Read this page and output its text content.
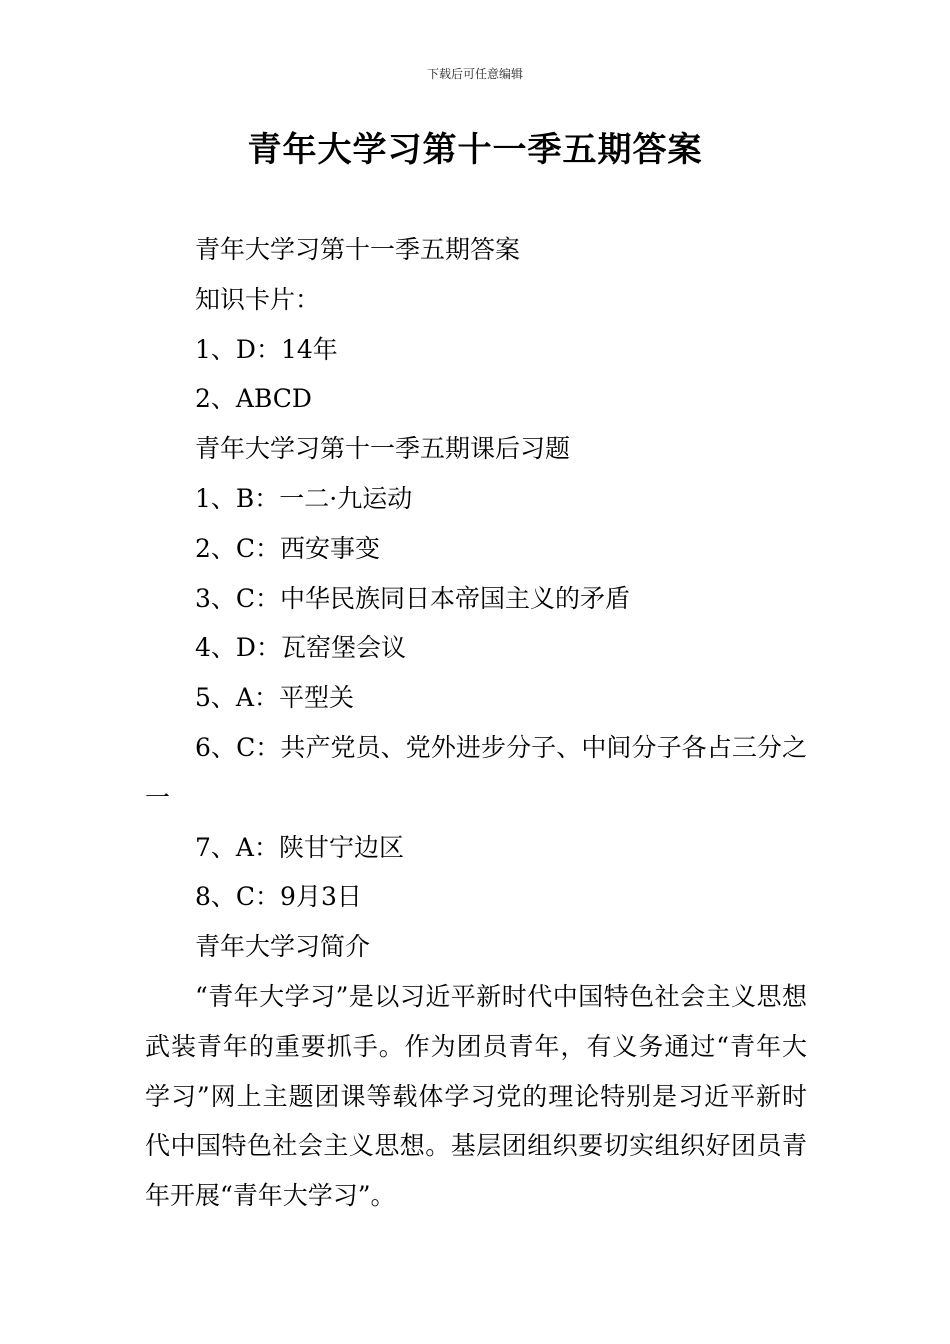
下载后可任意编辑
青年大学习第十一季五期答案

青年大学习第十一季五期答案

知识卡片：

1、D：14年

2、ABCD

青年大学习第十一季五期课后习题

1、B：一二·九运动

2、C：西安事变

3、C：中华民族同日本帝国主义的矛盾

4、D：瓦窑堡会议

5、A：平型关

6、C：共产党员、党外进步分子、中间分子各占三分之一

7、A：陕甘宁边区

8、C：9月3日

青年大学习简介

“青年大学习”是以习近平新时代中国特色社会主义思想武装青年的重要抓手。作为团员青年，有义务通过“青年大学习”网上主题团课等载体学习党的理论特别是习近平新时代中国特色社会主义思想。基层团组织要切实组织好团员青年开展“青年大学习”。
